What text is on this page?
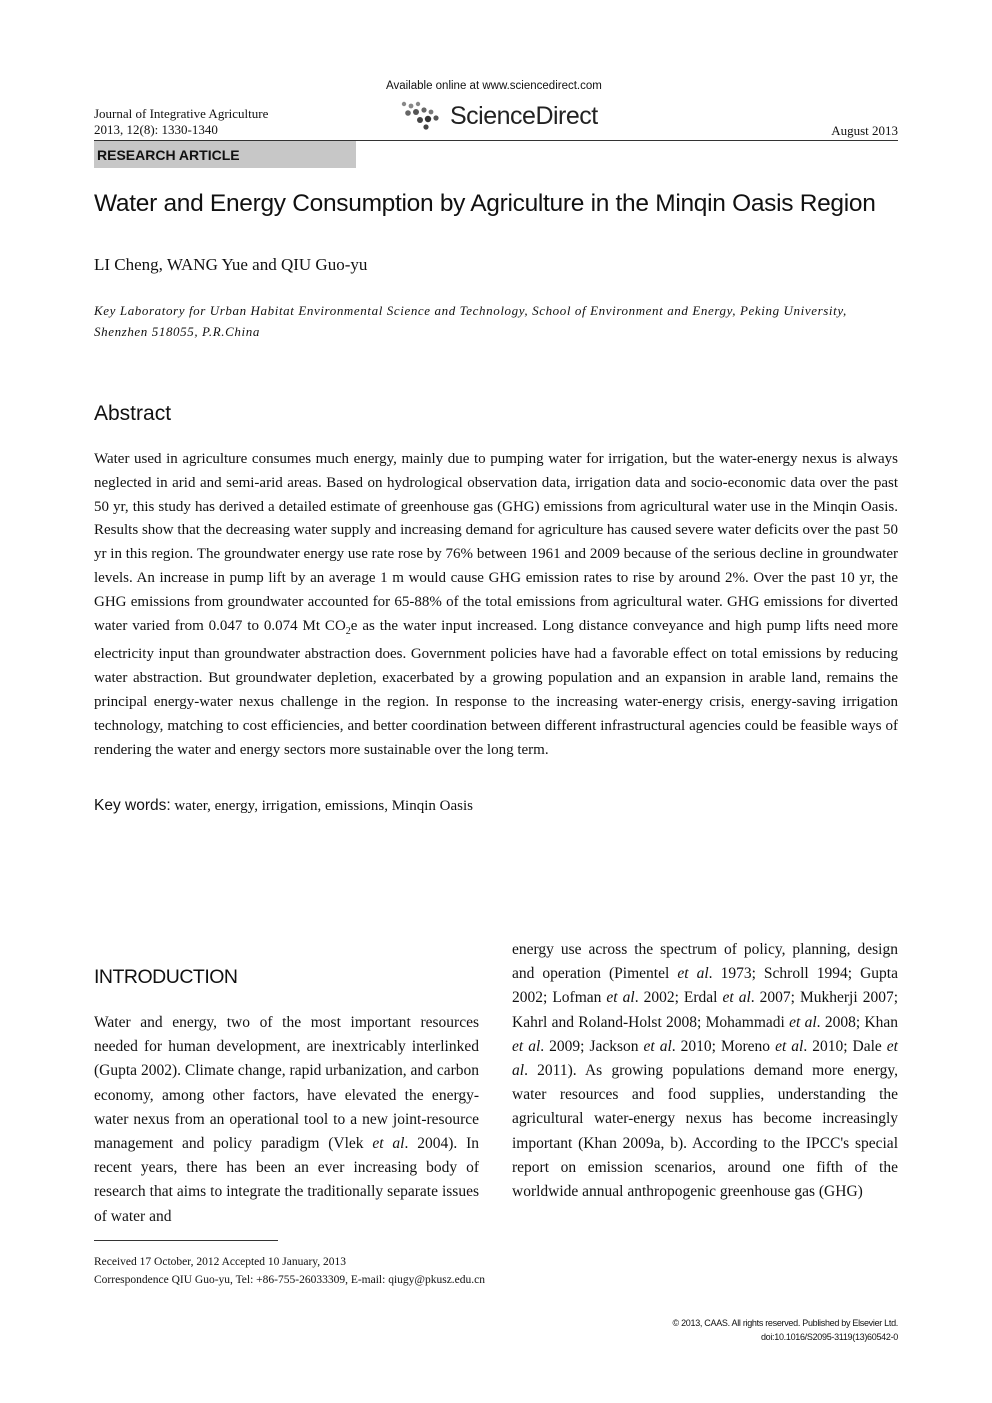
Journal of Integrative Agriculture
2013, 12(8): 1330-1340
Available online at www.sciencedirect.com
ScienceDirect
August 2013
RESEARCH ARTICLE
Water and Energy Consumption by Agriculture in the Minqin Oasis Region
LI Cheng, WANG Yue and QIU Guo-yu
Key Laboratory for Urban Habitat Environmental Science and Technology, School of Environment and Energy, Peking University,
Shenzhen 518055, P.R.China
Abstract
Water used in agriculture consumes much energy, mainly due to pumping water for irrigation, but the water-energy nexus is always neglected in arid and semi-arid areas. Based on hydrological observation data, irrigation data and socio-economic data over the past 50 yr, this study has derived a detailed estimate of greenhouse gas (GHG) emissions from agricultural water use in the Minqin Oasis. Results show that the decreasing water supply and increasing demand for agriculture has caused severe water deficits over the past 50 yr in this region. The groundwater energy use rate rose by 76% between 1961 and 2009 because of the serious decline in groundwater levels. An increase in pump lift by an average 1 m would cause GHG emission rates to rise by around 2%. Over the past 10 yr, the GHG emissions from groundwater accounted for 65-88% of the total emissions from agricultural water. GHG emissions for diverted water varied from 0.047 to 0.074 Mt $CO_2e$ as the water input increased. Long distance conveyance and high pump lifts need more electricity input than groundwater abstraction does. Government policies have had a favorable effect on total emissions by reducing water abstraction. But groundwater depletion, exacerbated by a growing population and an expansion in arable land, remains the principal energy-water nexus challenge in the region. In response to the increasing water-energy crisis, energy-saving irrigation technology, matching to cost efficiencies, and better coordination between different infrastructural agencies could be feasible ways of rendering the water and energy sectors more sustainable over the long term.
Key words: water, energy, irrigation, emissions, Minqin Oasis
INTRODUCTION
Water and energy, two of the most important resources needed for human development, are inextricably interlinked (Gupta 2002). Climate change, rapid urbanization, and carbon economy, among other factors, have elevated the energy-water nexus from an operational tool to a new joint-resource management and policy paradigm (Vlek et al. 2004). In recent years, there has been an ever increasing body of research that aims to integrate the traditionally separate issues of water and
energy use across the spectrum of policy, planning, design and operation (Pimentel et al. 1973; Schroll 1994; Gupta 2002; Lofman et al. 2002; Erdal et al. 2007; Mukherji 2007; Kahrl and Roland-Holst 2008; Mohammadi et al. 2008; Khan et al. 2009; Jackson et al. 2010; Moreno et al. 2010; Dale et al. 2011). As growing populations demand more energy, water resources and food supplies, understanding the agricultural water-energy nexus has become increasingly important (Khan 2009a, b). According to the IPCC's special report on emission scenarios, around one fifth of the worldwide annual anthropogenic greenhouse gas (GHG)
Received 17 October, 2012 Accepted 10 January, 2013
Correspondence QIU Guo-yu, Tel: +86-755-26033309, E-mail: qiugy@pkusz.edu.cn
© 2013, CAAS. All rights reserved. Published by Elsevier Ltd.
doi:10.1016/S2095-3119(13)60542-0
